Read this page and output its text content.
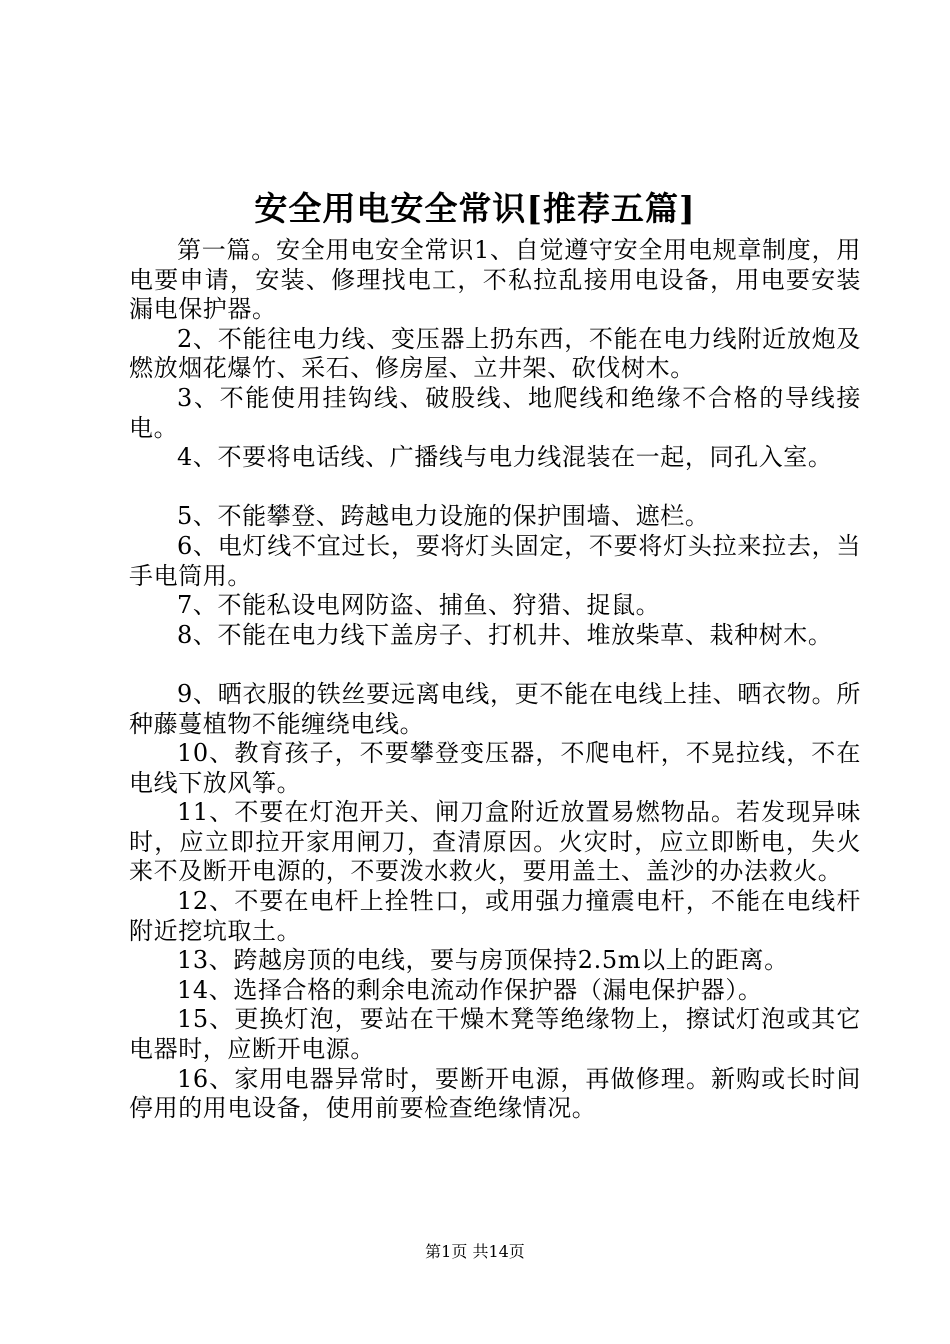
安全用电安全常识[推荐五篇]

第一篇。安全用电安全常识1、自觉遵守安全用电规章制度，用电要申请，安装、修理找电工，不私拉乱接用电设备，用电要安装漏电保护器。

2、不能往电力线、变压器上扔东西，不能在电力线附近放炮及燃放烟花爆竹、采石、修房屋、立井架、砍伐树木。

3、不能使用挂钩线、破股线、地爬线和绝缘不合格的导线接电。

4、不要将电话线、广播线与电力线混装在一起，同孔入室。

5、不能攀登、跨越电力设施的保护围墙、遮栏。

6、电灯线不宜过长，要将灯头固定，不要将灯头拉来拉去，当手电筒用。

7、不能私设电网防盗、捕鱼、狩猎、捉鼠。

8、不能在电力线下盖房子、打机井、堆放柴草、栽种树木。

9、晒衣服的铁丝要远离电线，更不能在电线上挂、晒衣物。所种藤蔓植物不能缠绕电线。

10、教育孩子，不要攀登变压器，不爬电杆，不晃拉线，不在电线下放风筝。

11、不要在灯泡开关、闸刀盒附近放置易燃物品。若发现异味时，应立即拉开家用闸刀，查清原因。火灾时，应立即断电，失火来不及断开电源的，不要泼水救火，要用盖土、盖沙的办法救火。

12、不要在电杆上拴牲口，或用强力撞震电杆，不能在电线杆附近挖坑取土。

13、跨越房顶的电线，要与房顶保持2.5m以上的距离。

14、选择合格的剩余电流动作保护器（漏电保护器）。

15、更换灯泡，要站在干燥木凳等绝缘物上，擦试灯泡或其它电器时，应断开电源。

16、家用电器异常时，要断开电源，再做修理。新购或长时间停用的用电设备，使用前要检查绝缘情况。

第1页 共14页
